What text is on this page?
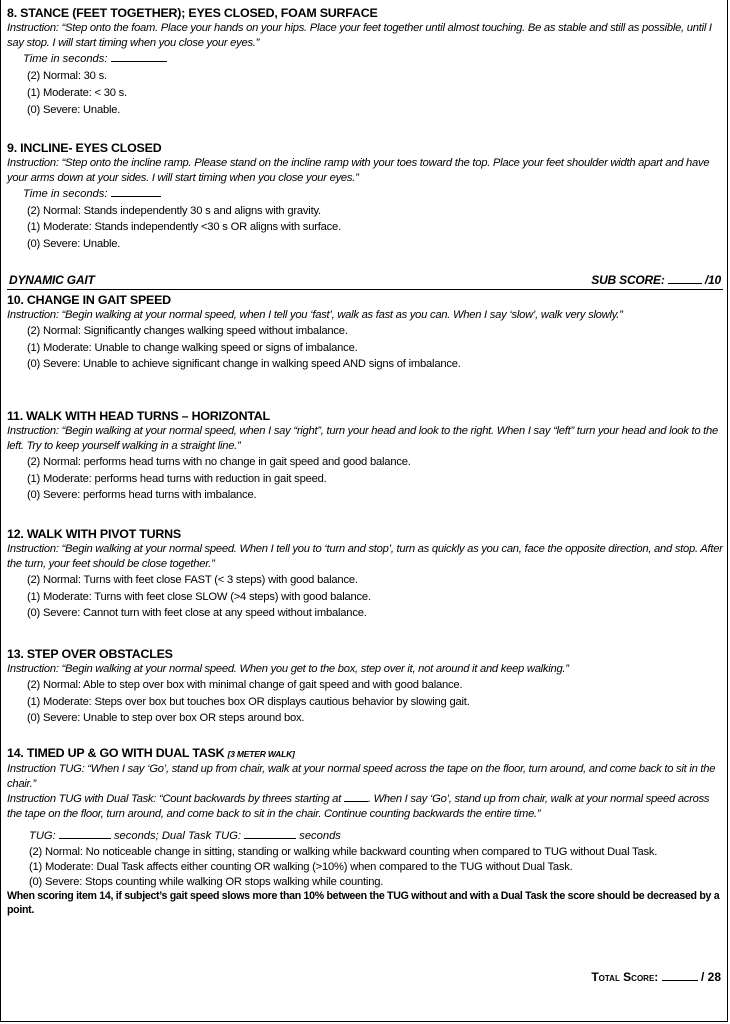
8. STANCE (FEET TOGETHER); EYES CLOSED, FOAM SURFACE
Instruction: “Step onto the foam. Place your hands on your hips. Place your feet together until almost touching. Be as stable and still as possible, until I say stop. I will start timing when you close your eyes.”
Time in seconds:
(2) Normal: 30 s.
(1) Moderate: < 30 s.
(0) Severe: Unable.
9. INCLINE- EYES CLOSED
Instruction: “Step onto the incline ramp. Please stand on the incline ramp with your toes toward the top. Place your feet shoulder width apart and have your arms down at your sides. I will start timing when you close your eyes.”
Time in seconds:
(2) Normal: Stands independently 30 s and aligns with gravity.
(1) Moderate: Stands independently <30 s OR aligns with surface.
(0) Severe: Unable.
DYNAMIC GAIT	SUB SCORE:	/10
10. CHANGE IN GAIT SPEED
Instruction: “Begin walking at your normal speed, when I tell you ‘fast’, walk as fast as you can. When I say ‘slow’, walk very slowly.”
(2) Normal: Significantly changes walking speed without imbalance.
(1) Moderate: Unable to change walking speed or signs of imbalance.
(0) Severe: Unable to achieve significant change in walking speed AND signs of imbalance.
11. WALK WITH HEAD TURNS – HORIZONTAL
Instruction: “Begin walking at your normal speed, when I say “right”, turn your head and look to the right. When I say “left” turn your head and look to the left. Try to keep yourself walking in a straight line.”
(2) Normal: performs head turns with no change in gait speed and good balance.
(1) Moderate: performs head turns with reduction in gait speed.
(0) Severe: performs head turns with imbalance.
12. WALK WITH PIVOT TURNS
Instruction: “Begin walking at your normal speed. When I tell you to ‘turn and stop’, turn as quickly as you can, face the opposite direction, and stop. After the turn, your feet should be close together.”
(2) Normal: Turns with feet close FAST (< 3 steps) with good balance.
(1) Moderate: Turns with feet close SLOW (>4 steps) with good balance.
(0) Severe: Cannot turn with feet close at any speed without imbalance.
13. STEP OVER OBSTACLES
Instruction: “Begin walking at your normal speed. When you get to the box, step over it, not around it and keep walking.”
(2) Normal: Able to step over box with minimal change of gait speed and with good balance.
(1) Moderate: Steps over box but touches box OR displays cautious behavior by slowing gait.
(0) Severe: Unable to step over box OR steps around box.
14. TIMED UP & GO WITH DUAL TASK [3 METER WALK]
Instruction TUG: “When I say ‘Go’, stand up from chair, walk at your normal speed across the tape on the floor, turn around, and come back to sit in the chair.”
Instruction TUG with Dual Task: “Count backwards by threes starting at . When I say ‘Go’, stand up from chair, walk at your normal speed across the tape on the floor, turn around, and come back to sit in the chair. Continue counting backwards the entire time.”
TUG:	seconds; Dual Task TUG:	seconds
(2) Normal: No noticeable change in sitting, standing or walking while backward counting when compared to TUG without Dual Task.
(1) Moderate: Dual Task affects either counting OR walking (>10%) when compared to the TUG without Dual Task.
(0) Severe: Stops counting while walking OR stops walking while counting.
When scoring item 14, if subject’s gait speed slows more than 10% between the TUG without and with a Dual Task the score should be decreased by a point.
Total Score:	/ 28
